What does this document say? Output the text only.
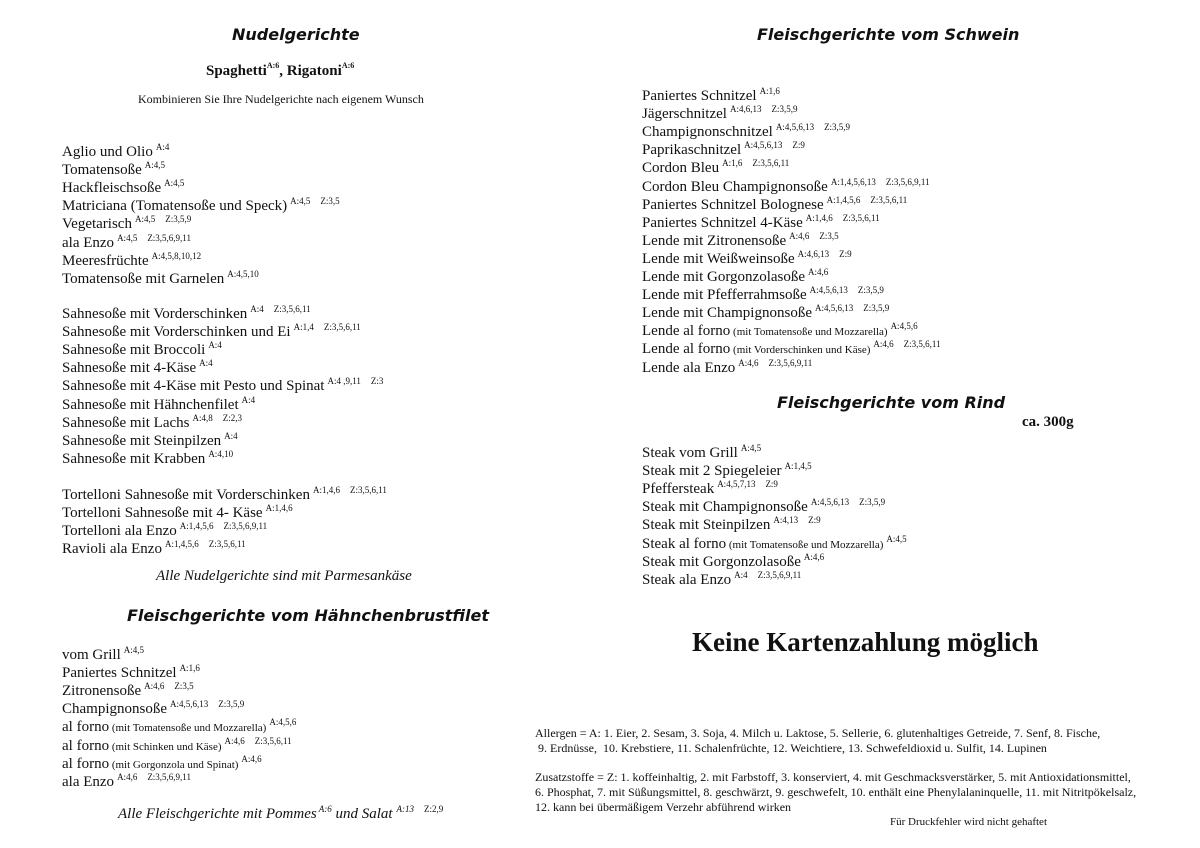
Nudelgerichte
Spaghetti$^{A:6}$, Rigatoni$^{A:6}$
Kombinieren Sie Ihre Nudelgerichte nach eigenem Wunsch
Aglio und Olio $^{A:4}$
Tomatensoße $^{A:4,5}$
Hackfleischsoße $^{A:4,5}$
Matriciana (Tomatensoße und Speck) $^{A:4,5}$ $^{Z:3,5}$
Vegetarisch $^{A:4,5}$ $^{Z:3,5,9}$
ala Enzo $^{A:4,5}$ $^{Z:3,5,6,9,11}$
Meeresfrüchte $^{A:4,5,8,10,12}$
Tomatensoße mit Garnelen $^{A:4,5,10}$
Sahnesoße mit Vorderschinken $^{A:4}$ $^{Z:3,5,6,11}$
Sahnesoße mit Vorderschinken und Ei $^{A:1,4}$ $^{Z:3,5,6,11}$
Sahnesoße mit Broccoli $^{A:4}$
Sahnesoße mit 4-Käse $^{A:4}$
Sahnesoße mit 4-Käse mit Pesto und Spinat $^{A:4 ,9,11}$ $^{Z:3}$
Sahnesoße mit Hähnchenfilet $^{A:4}$
Sahnesoße mit Lachs $^{A:4,8}$ $^{Z:2,3}$
Sahnesoße mit Steinpilzen $^{A:4}$
Sahnesoße mit Krabben $^{A:4,10}$
Tortelloni Sahnesoße mit Vorderschinken $^{A:1,4,6}$ $^{Z:3,5,6,11}$
Tortelloni Sahnesoße mit 4- Käse $^{A:1,4,6}$
Tortelloni ala Enzo $^{A:1,4,5,6}$ $^{Z:3,5,6,9,11}$
Ravioli ala Enzo $^{A:1,4,5,6}$ $^{Z:3,5,6,11}$
Alle Nudelgerichte sind mit Parmesankäse
Fleischgerichte vom Hähnchenbrustfilet
vom Grill $^{A:4,5}$
Paniertes Schnitzel $^{A:1,6}$
Zitronensoße $^{A:4,6}$ $^{Z:3,5}$
Champignonsoße $^{A:4,5,6,13}$ $^{Z:3,5,9}$
al forno (mit Tomatensoße und Mozzarella) $^{A:4,5,6}$
al forno (mit Schinken und Käse) $^{A:4,6}$ $^{Z:3,5,6,11}$
al forno (mit Gorgonzola und Spinat) $^{A:4,6}$
ala Enzo $^{A:4,6}$ $^{Z:3,5,6,9,11}$
Alle Fleischgerichte mit Pommes $^{A:6}$ und Salat $^{A:13}$ $^{Z:2,9}$
Fleischgerichte vom Schwein
Paniertes Schnitzel $^{A:1,6}$
Jägerschnitzel $^{A:4,6,13}$ $^{Z:3,5,9}$
Champignonschnitzel $^{A:4,5,6,13}$ $^{Z:3,5,9}$
Paprikaschnitzel $^{A:4,5,6,13}$ $^{Z:9}$
Cordon Bleu $^{A:1,6}$ $^{Z:3,5,6,11}$
Cordon Bleu Champignonsoße $^{A:1,4,5,6,13}$ $^{Z:3,5,6,9,11}$
Paniertes Schnitzel Bolognese $^{A:1,4,5,6}$ $^{Z:3,5,6,11}$
Paniertes Schnitzel 4-Käse $^{A:1,4,6}$ $^{Z:3,5,6,11}$
Lende mit Zitronensoße $^{A:4,6}$ $^{Z:3,5}$
Lende mit Weißweinsoße $^{A:4,6,13}$ $^{Z:9}$
Lende mit Gorgonzolasoße $^{A:4,6}$
Lende mit Pfefferrahmsoße $^{A:4,5,6,13}$ $^{Z:3,5,9}$
Lende mit Champignonsoße $^{A:4,5,6,13}$ $^{Z:3,5,9}$
Lende al forno (mit Tomatensoße und Mozzarella) $^{A:4,5,6}$
Lende al forno (mit Vorderschinken und Käse) $^{A:4,6}$ $^{Z:3,5,6,11}$
Lende ala Enzo $^{A:4,6}$ $^{Z:3,5,6,9,11}$
Fleischgerichte vom Rind
ca. 300g
Steak vom Grill $^{A:4,5}$
Steak mit 2 Spiegeleier $^{A:1,4,5}$
Pfeffersteak $^{A:4,5,7,13}$ $^{Z:9}$
Steak mit Champignonsoße $^{A:4,5,6,13}$ $^{Z:3,5,9}$
Steak mit Steinpilzen $^{A:4,13}$ $^{Z:9}$
Steak al forno (mit Tomatensoße und Mozzarella) $^{A:4,5}$
Steak mit Gorgonzolasoße $^{A:4,6}$
Steak ala Enzo $^{A:4}$ $^{Z:3,5,6,9,11}$
Keine Kartenzahlung möglich
Allergen = A: 1. Eier, 2. Sesam, 3. Soja, 4. Milch u. Laktose, 5. Sellerie, 6. glutenhaltiges Getreide, 7. Senf, 8. Fische,
9. Erdnüsse,  10. Krebstiere, 11. Schalenfrüchte, 12. Weichtiere, 13. Schwefeldioxid u. Sulfit, 14. Lupinen
Zusatzstoffe = Z: 1. koffeinhaltig, 2. mit Farbstoff, 3. konserviert, 4. mit Geschmacksverstärker, 5. mit Antioxidationsmittel,
6. Phosphat, 7. mit Süßungsmittel, 8. geschwärzt, 9. geschwefelt, 10. enthält eine Phenylalaninquelle, 11. mit Nitritpökelsalz,
12. kann bei übermäßigem Verzehr abführend wirken
Für Druckfehler wird nicht gehaftet
